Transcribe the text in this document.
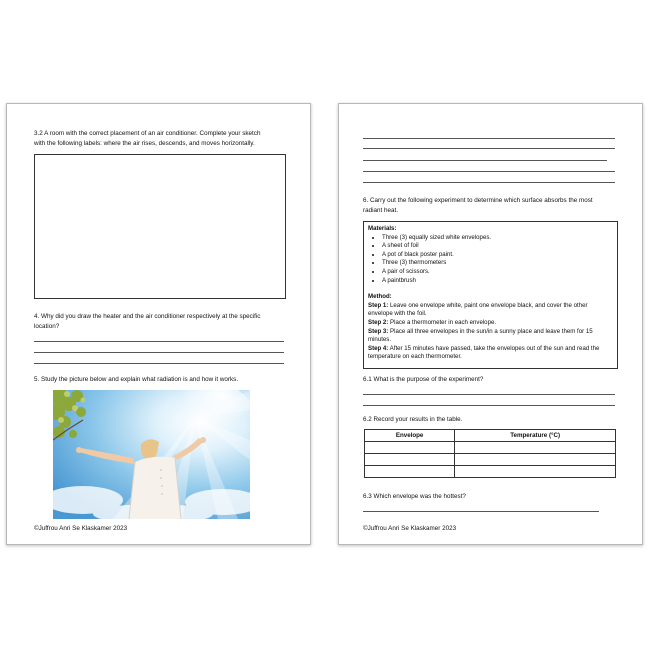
3.2 A room with the correct placement of an air conditioner. Complete your sketch
with the following labels: where the air rises, descends, and moves horizontally.
4. Why did you draw the heater and the air conditioner respectively at the specific
location?
5. Study the picture below and explain what radiation is and how it works.
©Juffrou Anri Se Klaskamer 2023
6. Carry out the following experiment to determine which surface absorbs the most
radiant heat.
Materials:
• Three (3) equally sized white envelopes.
• A sheet of foil
• A pot of black poster paint.
• Three (3) thermometers
• A pair of scissors.
• A paintbrush
Method:
Step 1: Leave one envelope white, paint one envelope black, and cover the other envelope with the foil.
Step 2: Place a thermometer in each envelope.
Step 3: Place all three envelopes in the sun/in a sunny place and leave them for 15 minutes.
Step 4: After 15 minutes have passed, take the envelopes out of the sun and read the temperature on each thermometer.
6.1 What is the purpose of the experiment?
6.2 Record your results in the table.
Envelope	Temperature (°C)

6.3 Which envelope was the hottest?
©Juffrou Anri Se Klaskamer 2023
